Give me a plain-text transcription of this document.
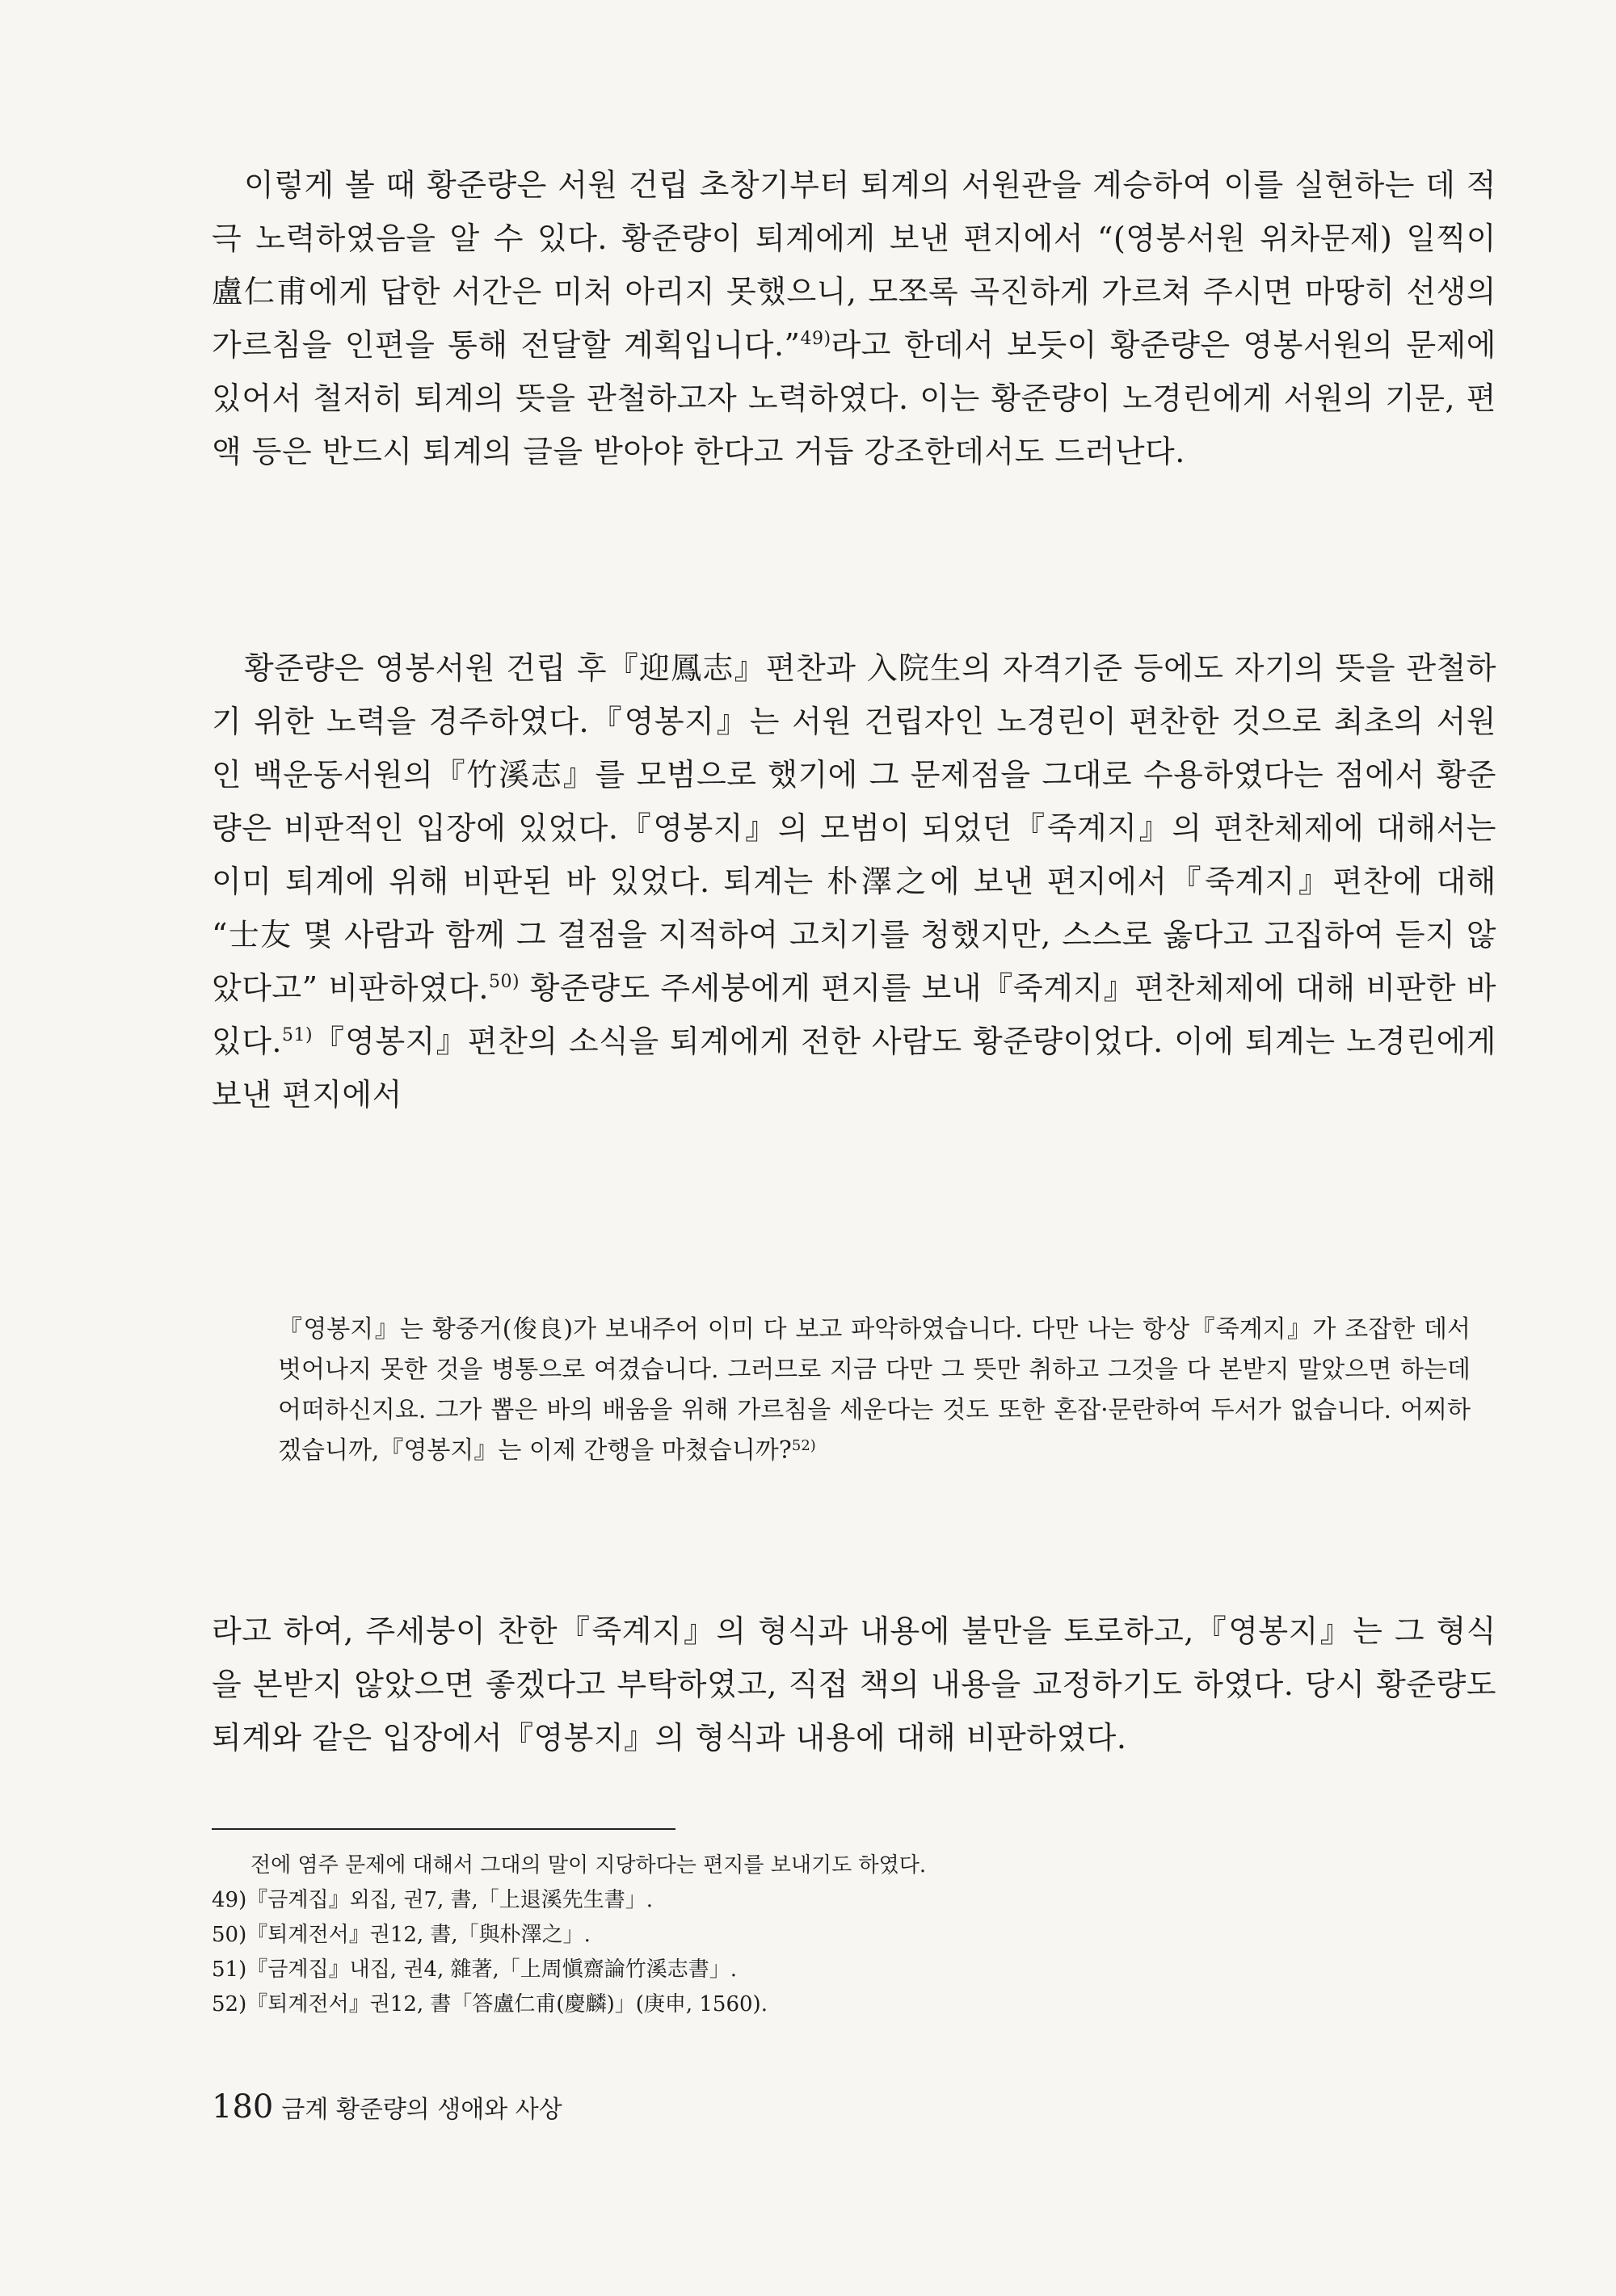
이렇게 볼 때 황준량은 서원 건립 초창기부터 퇴계의 서원관을 계승하여 이를 실현하는 데 적극 노력하였음을 알 수 있다. 황준량이 퇴계에게 보낸 편지에서 “(영봉서원 위차문제) 일찍이 盧仁甫에게 답한 서간은 미처 아리지 못했으니, 모쪼록 곡진하게 가르쳐 주시면 마땅히 선생의 가르침을 인편을 통해 전달할 계획입니다.”$^{49)}$라고 한데서 보듯이 황준량은 영봉서원의 문제에 있어서 철저히 퇴계의 뜻을 관철하고자 노력하였다. 이는 황준량이 노경린에게 서원의 기문, 편액 등은 반드시 퇴계의 글을 받아야 한다고 거듭 강조한데서도 드러난다.

황준량은 영봉서원 건립 후『迎鳳志』편찬과 入院生의 자격기준 등에도 자기의 뜻을 관철하기 위한 노력을 경주하였다.『영봉지』는 서원 건립자인 노경린이 편찬한 것으로 최초의 서원인 백운동서원의『竹溪志』를 모범으로 했기에 그 문제점을 그대로 수용하였다는 점에서 황준량은 비판적인 입장에 있었다.『영봉지』의 모범이 되었던『죽계지』의 편찬체제에 대해서는 이미 퇴계에 위해 비판된 바 있었다. 퇴계는 朴澤之에 보낸 편지에서『죽계지』편찬에 대해 “士友 몇 사람과 함께 그 결점을 지적하여 고치기를 청했지만, 스스로 옳다고 고집하여 듣지 않았다고” 비판하였다.$^{50)}$ 황준량도 주세붕에게 편지를 보내『죽계지』편찬체제에 대해 비판한 바 있다.$^{51)}$『영봉지』편찬의 소식을 퇴계에게 전한 사람도 황준량이었다. 이에 퇴계는 노경린에게 보낸 편지에서

『영봉지』는 황중거(俊良)가 보내주어 이미 다 보고 파악하였습니다. 다만 나는 항상『죽계지』가 조잡한 데서 벗어나지 못한 것을 병통으로 여겼습니다. 그러므로 지금 다만 그 뜻만 취하고 그것을 다 본받지 말았으면 하는데 어떠하신지요. 그가 뽑은 바의 배움을 위해 가르침을 세운다는 것도 또한 혼잡·문란하여 두서가 없습니다. 어찌하겠습니까,『영봉지』는 이제 간행을 마쳤습니까?$^{52)}$

라고 하여, 주세붕이 찬한『죽계지』의 형식과 내용에 불만을 토로하고,『영봉지』는 그 형식을 본받지 않았으면 좋겠다고 부탁하였고, 직접 책의 내용을 교정하기도 하였다. 당시 황준량도 퇴계와 같은 입장에서『영봉지』의 형식과 내용에 대해 비판하였다.

전에 염주 문제에 대해서 그대의 말이 지당하다는 편지를 보내기도 하였다.
49)『금계집』외집, 권7, 書,「上退溪先生書」.
50)『퇴계전서』권12, 書,「與朴澤之」.
51)『금계집』내집, 권4, 雜著,「上周愼齋論竹溪志書」.
52)『퇴계전서』권12, 書「答盧仁甫(慶麟)」(庚申, 1560).
180 금계 황준량의 생애와 사상
